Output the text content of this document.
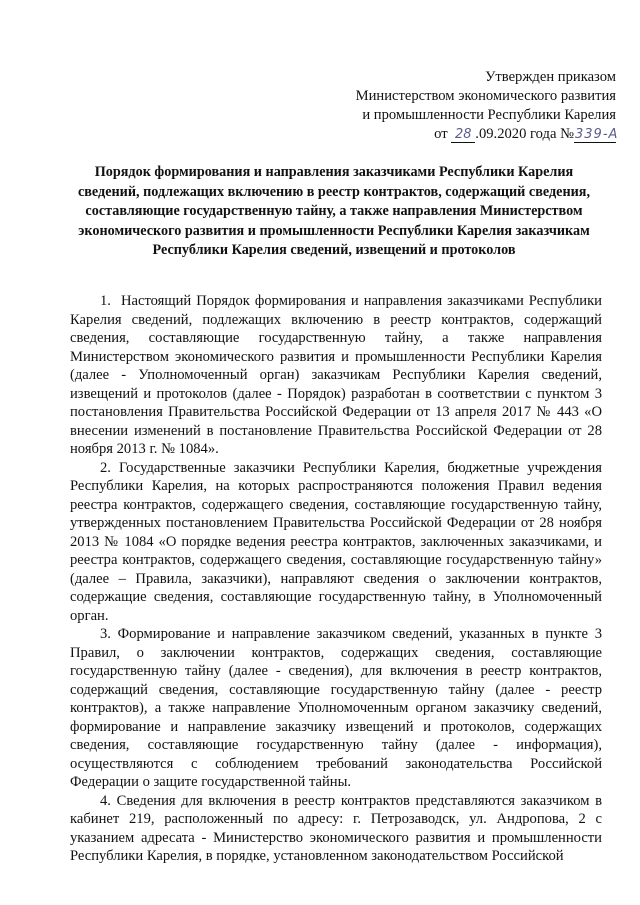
Утвержден приказом
Министерством экономического развития
и промышленности Республики Карелия
от 28 .09.2020 года №339-А
Порядок формирования и направления заказчиками Республики Карелия сведений, подлежащих включению в реестр контрактов, содержащий сведения, составляющие государственную тайну, а также направления Министерством экономического развития и промышленности Республики Карелия заказчикам Республики Карелия сведений, извещений и протоколов

1. Настоящий Порядок формирования и направления заказчиками Республики Карелия сведений, подлежащих включению в реестр контрактов, содержащий сведения, составляющие государственную тайну, а также направления Министерством экономического развития и промышленности Республики Карелия (далее - Уполномоченный орган) заказчикам Республики Карелия сведений, извещений и протоколов (далее - Порядок) разработан в соответствии с пунктом 3 постановления Правительства Российской Федерации от 13 апреля 2017 № 443 «О внесении изменений в постановление Правительства Российской Федерации от 28 ноября 2013 г. № 1084».

2. Государственные заказчики Республики Карелия, бюджетные учреждения Республики Карелия, на которых распространяются положения Правил ведения реестра контрактов, содержащего сведения, составляющие государственную тайну, утвержденных постановлением Правительства Российской Федерации от 28 ноября 2013 № 1084 «О порядке ведения реестра контрактов, заключенных заказчиками, и реестра контрактов, содержащего сведения, составляющие государственную тайну» (далее – Правила, заказчики), направляют сведения о заключении контрактов, содержащие сведения, составляющие государственную тайну, в Уполномоченный орган.

3. Формирование и направление заказчиком сведений, указанных в пункте 3 Правил, о заключении контрактов, содержащих сведения, составляющие государственную тайну (далее - сведения), для включения в реестр контрактов, содержащий сведения, составляющие государственную тайну (далее - реестр контрактов), а также направление Уполномоченным органом заказчику сведений, формирование и направление заказчику извещений и протоколов, содержащих сведения, составляющие государственную тайну (далее - информация), осуществляются с соблюдением требований законодательства Российской Федерации о защите государственной тайны.

4. Сведения для включения в реестр контрактов представляются заказчиком в кабинет 219, расположенный по адресу: г. Петрозаводск, ул. Андропова, 2 с указанием адресата - Министерство экономического развития и промышленности Республики Карелия, в порядке, установленном законодательством Российской
